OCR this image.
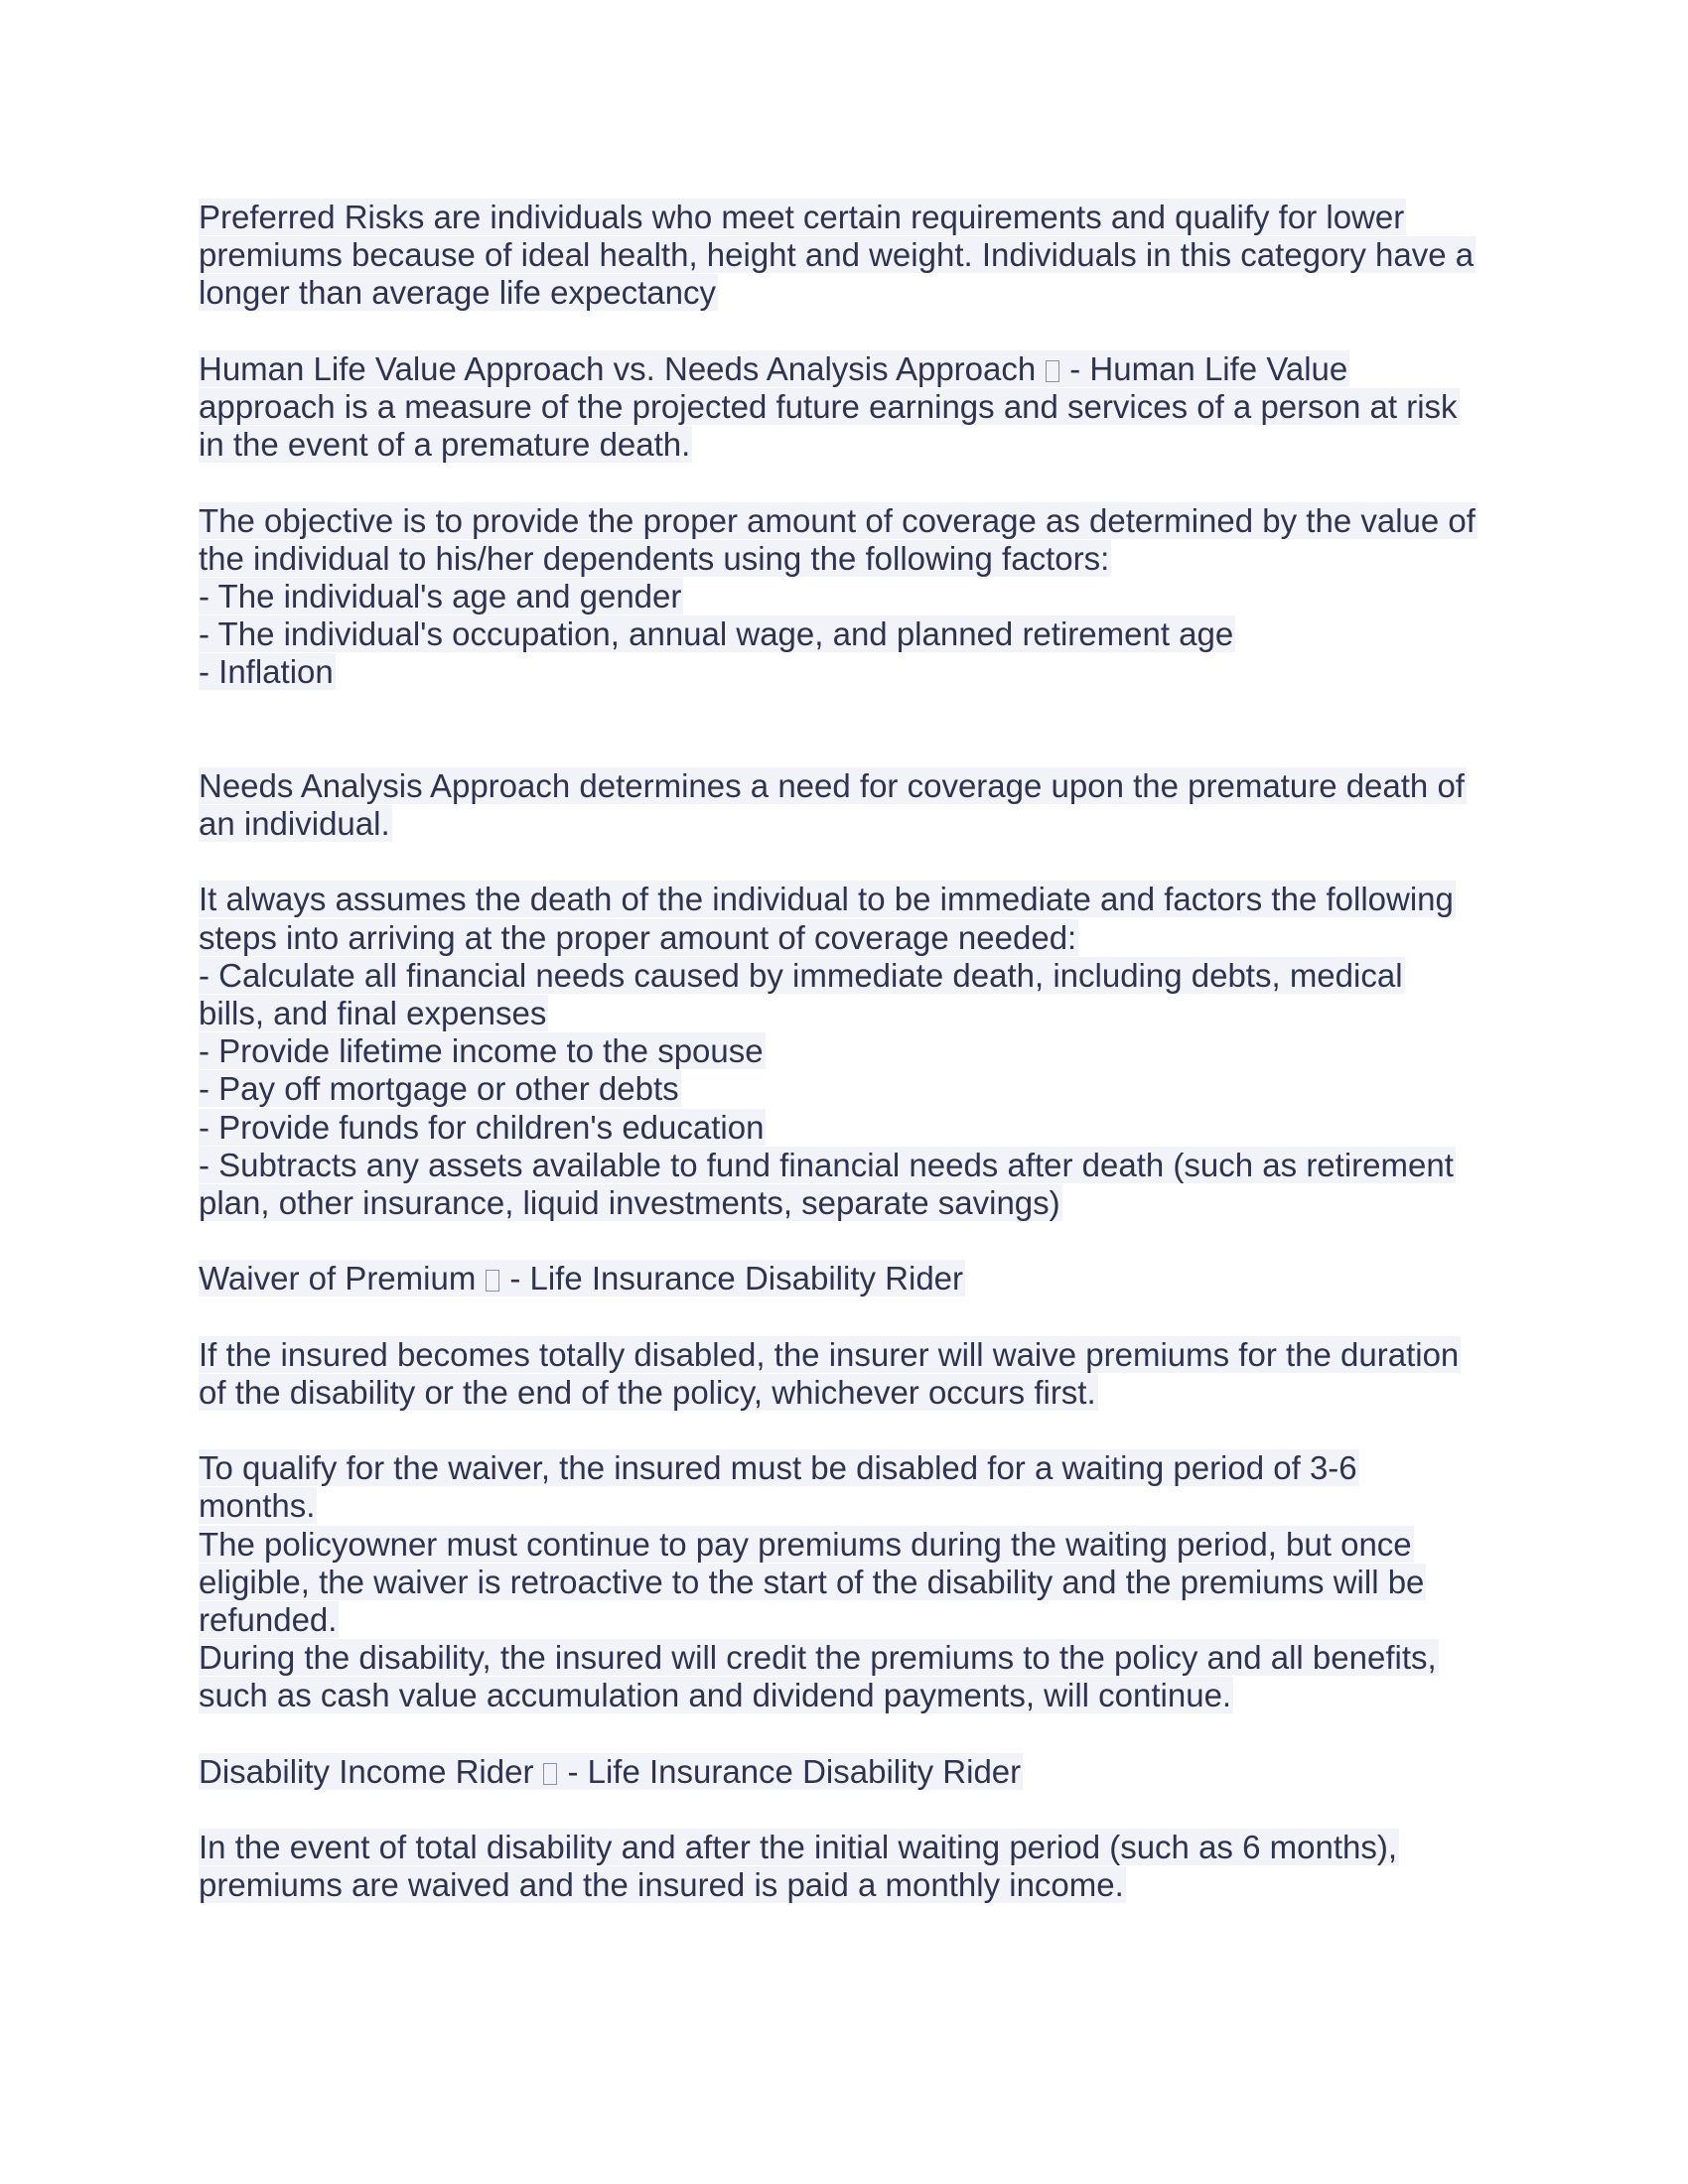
Preferred Risks are individuals who meet certain requirements and qualify for lower
premiums because of ideal health, height and weight. Individuals in this category have a
longer than average life expectancy
Human Life Value Approach vs. Needs Analysis Approach - Human Life Value
approach is a measure of the projected future earnings and services of a person at risk
in the event of a premature death.
The objective is to provide the proper amount of coverage as determined by the value of
the individual to his/her dependents using the following factors:
- The individual's age and gender
- The individual's occupation, annual wage, and planned retirement age
- Inflation
Needs Analysis Approach determines a need for coverage upon the premature death of
an individual.
It always assumes the death of the individual to be immediate and factors the following
steps into arriving at the proper amount of coverage needed:
- Calculate all financial needs caused by immediate death, including debts, medical
bills, and final expenses
- Provide lifetime income to the spouse
- Pay off mortgage or other debts
- Provide funds for children's education
- Subtracts any assets available to fund financial needs after death (such as retirement
plan, other insurance, liquid investments, separate savings)
Waiver of Premium - Life Insurance Disability Rider
If the insured becomes totally disabled, the insurer will waive premiums for the duration
of the disability or the end of the policy, whichever occurs first.
To qualify for the waiver, the insured must be disabled for a waiting period of 3-6
months.
The policyowner must continue to pay premiums during the waiting period, but once
eligible, the waiver is retroactive to the start of the disability and the premiums will be
refunded.
During the disability, the insured will credit the premiums to the policy and all benefits,
such as cash value accumulation and dividend payments, will continue.
Disability Income Rider - Life Insurance Disability Rider
In the event of total disability and after the initial waiting period (such as 6 months),
premiums are waived and the insured is paid a monthly income.
